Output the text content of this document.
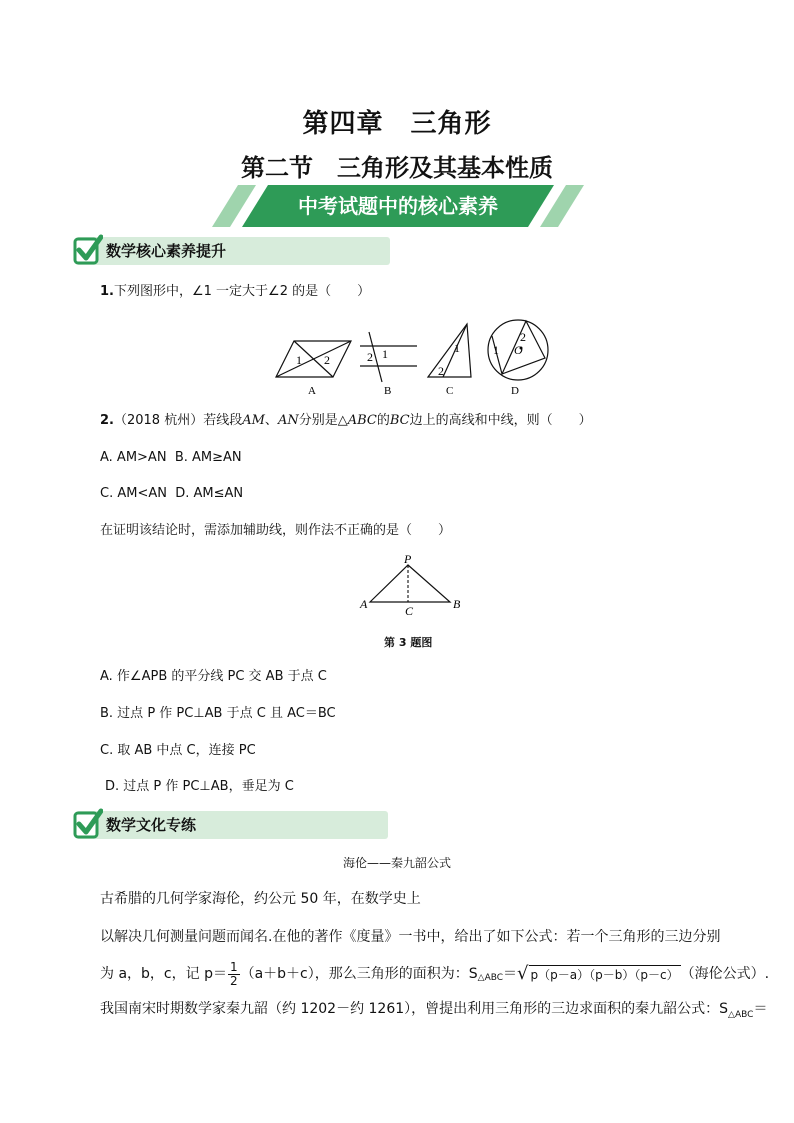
第四章　三角形
第二节　三角形及其基本性质
中考试题中的核心素养
数学核心素养提升
1.下列图形中，∠1 一定大于∠2 的是（　　）
1 2
A
1
2
B
1
2
C
1
2
O
D
2.（2018 杭州）若线段AM、AN分别是△ABC的BC边上的高线和中线，则（　　）
A. AM>AN B. AM≥AN
C. AM<AN D. AM≤AN
在证明该结论时，需添加辅助线，则作法不正确的是（　　）
P
A	B
C
第 3 题图
A. 作∠APB 的平分线 PC 交 AB 于点 C
B. 过点 P 作 PC⊥AB 于点 C 且 AC＝BC
C. 取 AB 中点 C，连接 PC
D. 过点 P 作 PC⊥AB，垂足为 C
数学文化专练
海伦——秦九韶公式
古希腊的几何学家海伦，约公元 50 年，在数学史上
以解决几何测量问题而闻名.在他的著作《度量》一书中，给出了如下公式：若一个三角形的三边分别
为 a，b，c，记 $p= \frac{1}{2} (a+b+c)$，那么三角形的面积为：S △ABC ＝ √ p（p－a）（p－b）（p－c） （海伦公式）.
我国南宋时期数学家秦九韶（约 1202－约 1261），曾提出利用三角形的三边求面积的秦九韶公式：$S_{\triangle ABC}=$
